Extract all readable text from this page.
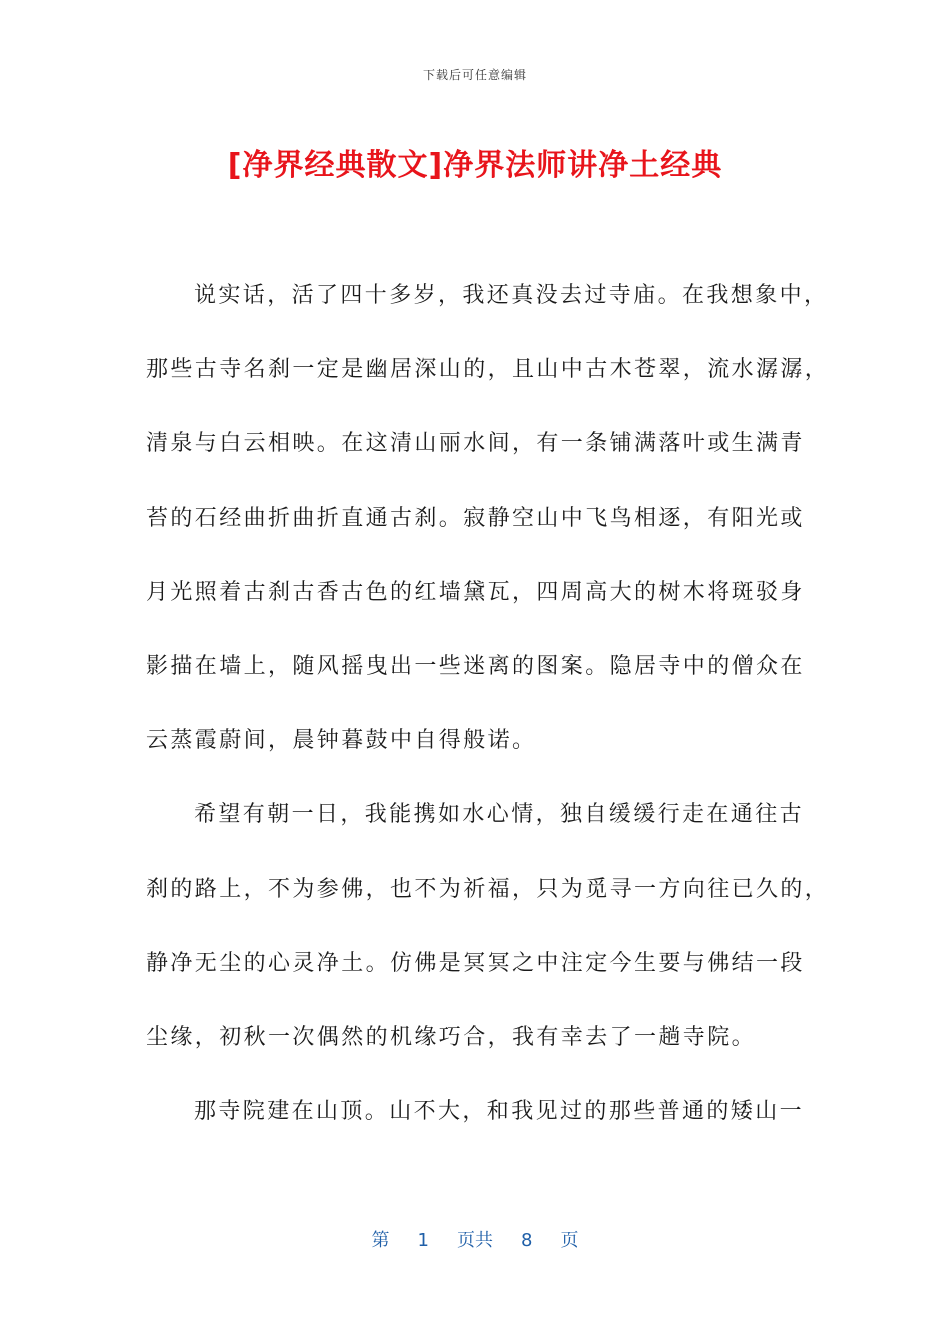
下载后可任意编辑
[净界经典散文]净界法师讲净土经典
说实话，活了四十多岁，我还真没去过寺庙。在我想象中，
那些古寺名刹一定是幽居深山的，且山中古木苍翠，流水潺潺，
清泉与白云相映。在这清山丽水间，有一条铺满落叶或生满青
苔的石经曲折曲折直通古刹。寂静空山中飞鸟相逐，有阳光或
月光照着古刹古香古色的红墙黛瓦，四周高大的树木将斑驳身
影描在墙上，随风摇曳出一些迷离的图案。隐居寺中的僧众在
云蒸霞蔚间，晨钟暮鼓中自得般诺。
希望有朝一日，我能携如水心情，独自缓缓行走在通往古
刹的路上，不为参佛，也不为祈福，只为觅寻一方向往已久的，
静净无尘的心灵净土。仿佛是冥冥之中注定今生要与佛结一段
尘缘，初秋一次偶然的机缘巧合，我有幸去了一趟寺院。
那寺院建在山顶。山不大，和我见过的那些普通的矮山一
第 1 页共 8 页
